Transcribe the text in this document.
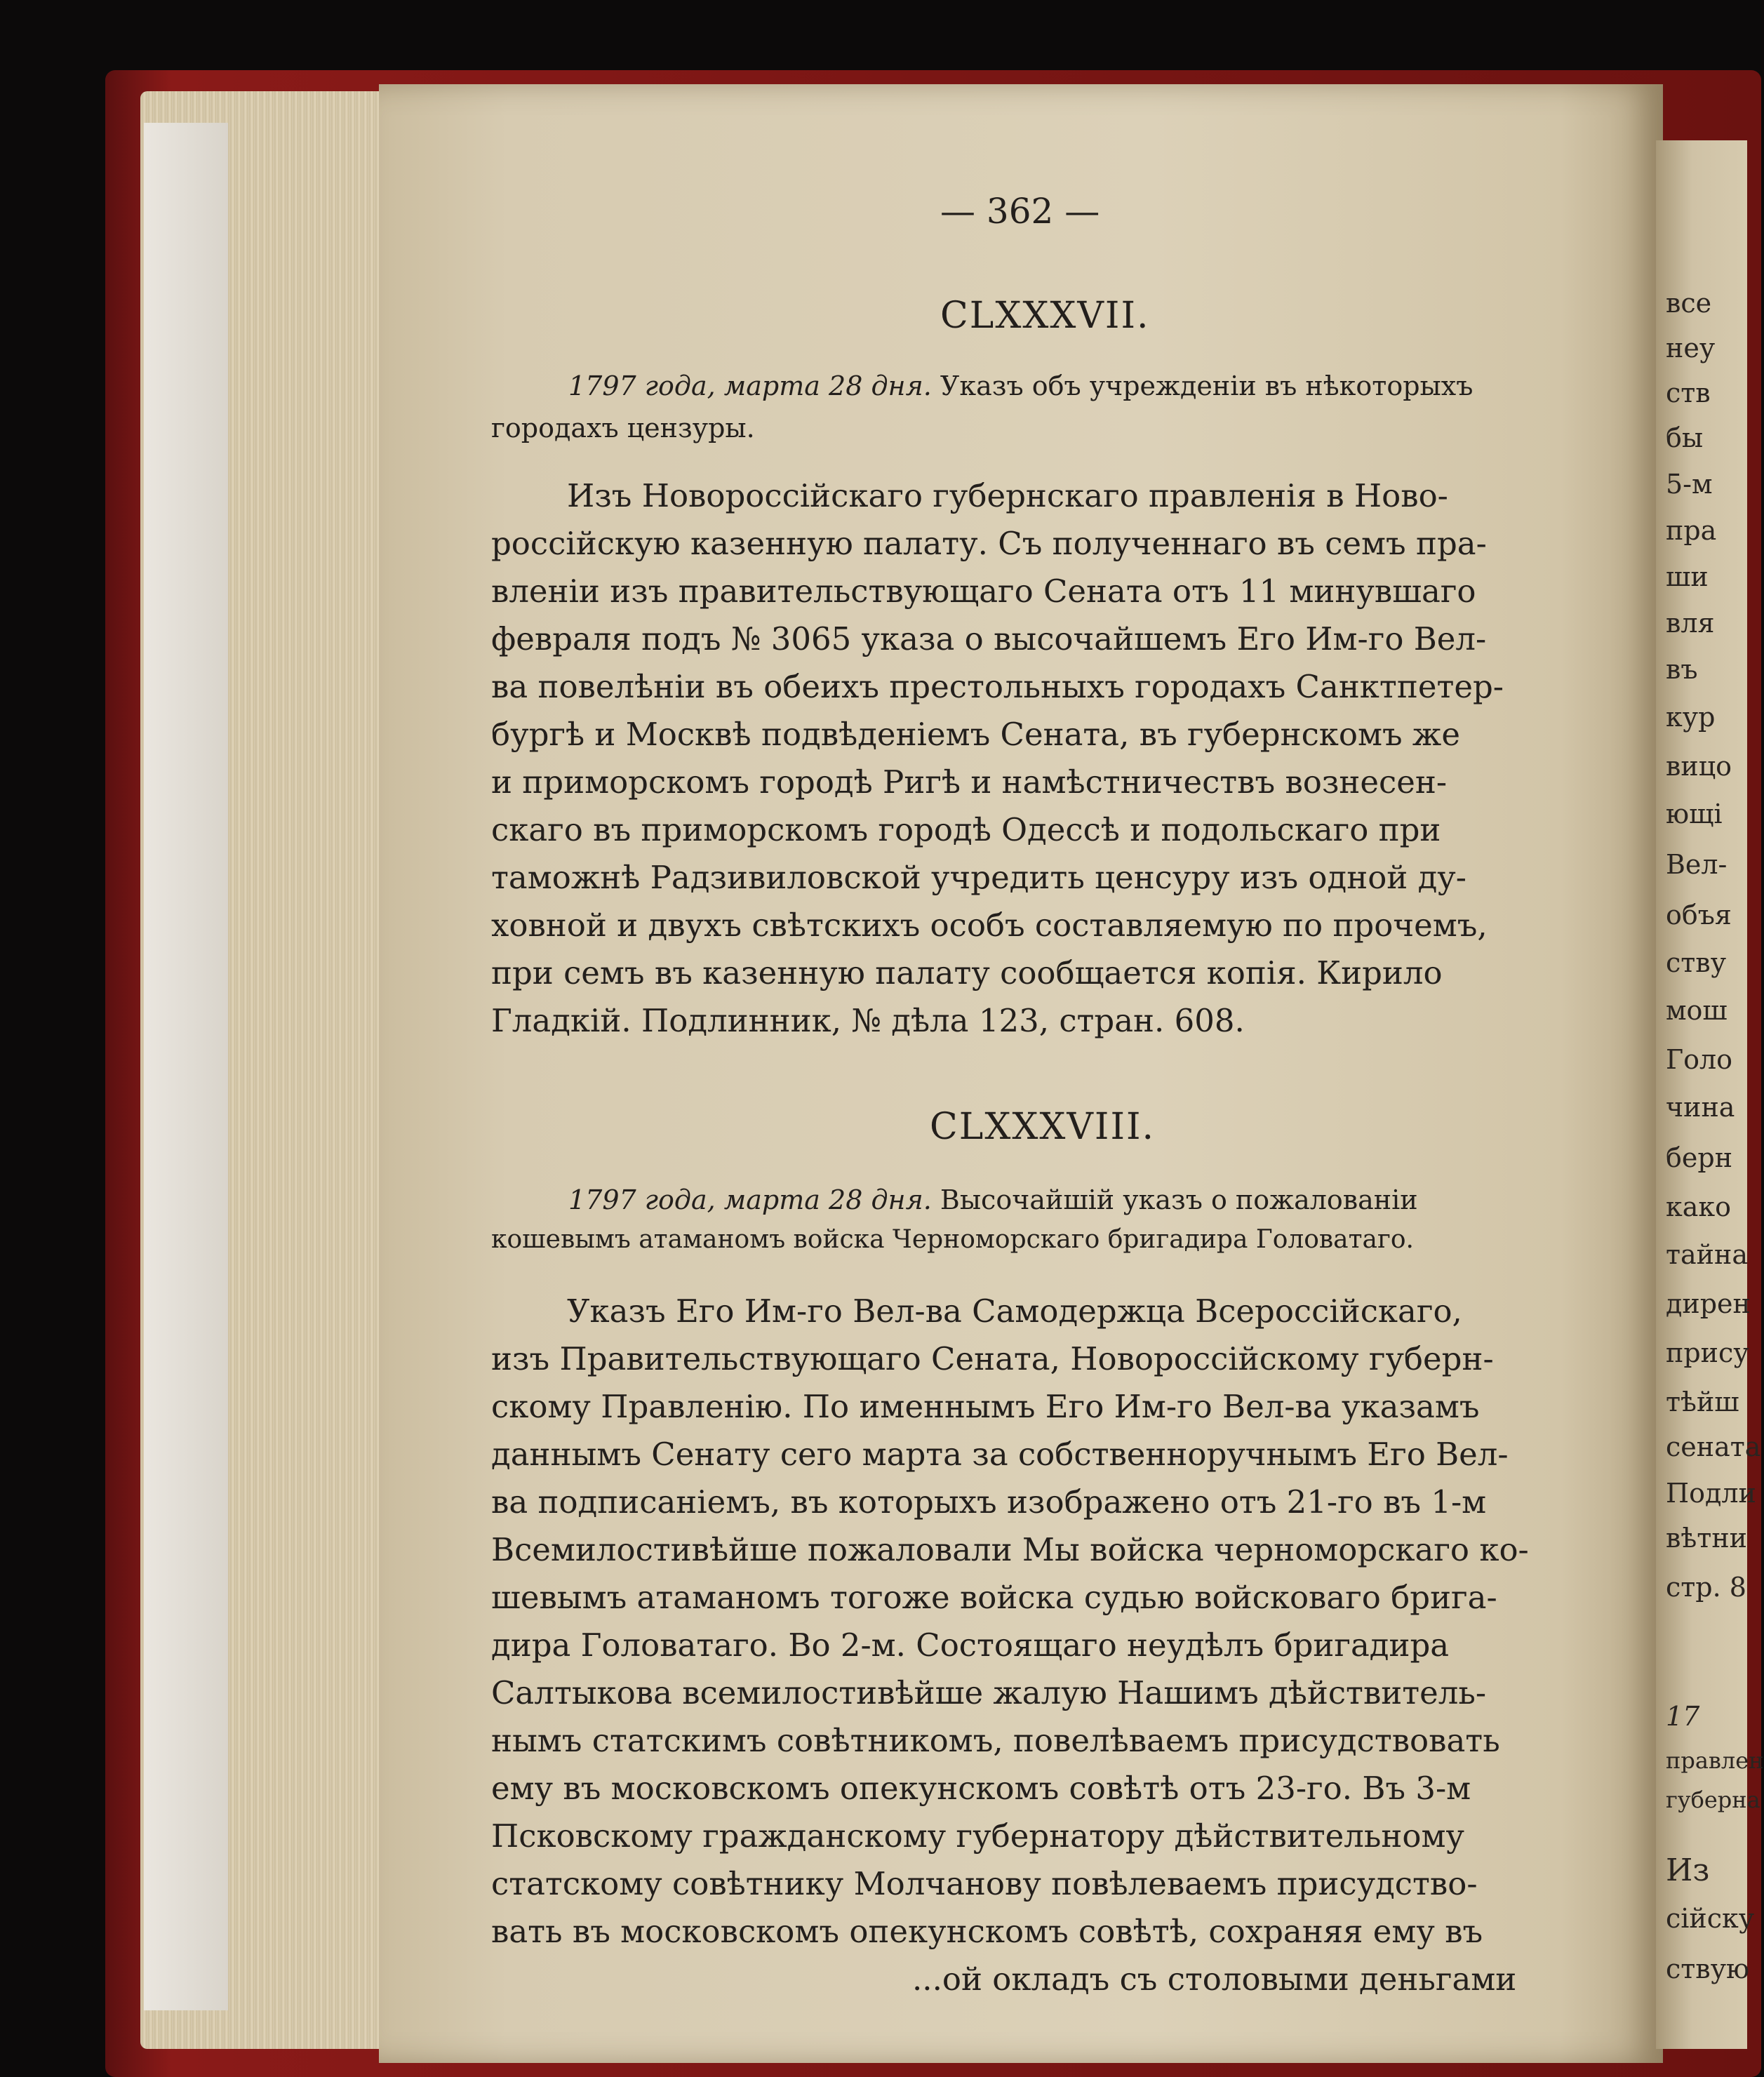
— 362 —
CLXXXVII.
1797 года, марта 28 дня. Указъ объ учрежденіи въ нѣкоторыхъ
городахъ цензуры.
Изъ Новороссійскаго губернскаго правленія в Ново-
россійскую казенную палату. Съ полученнаго въ семъ пра-
вленіи изъ правительствующаго Сената отъ 11 минувшаго
февраля подъ № 3065 указа о высочайшемъ Его Им-го Вел-
ва повелѣніи въ обеихъ престольныхъ городахъ Санктпетер-
бургѣ и Москвѣ подвѣденіемъ Сената, въ губернскомъ же
и приморскомъ городѣ Ригѣ и намѣстничествъ вознесен-
скаго въ приморскомъ городѣ Одессѣ и подольскаго при
таможнѣ Радзивиловской учредить ценсуру изъ одной ду-
ховной и двухъ свѣтскихъ особъ составляемую по прочемъ,
при семъ въ казенную палату сообщается копія. Кирило
Гладкій. Подлинник, № дѣла 123, стран. 608.
CLXXXVIII.
1797 года, марта 28 дня. Высочайшій указъ о пожалованіи
кошевымъ атаманомъ войска Черноморскаго бригадира Головатаго.
Указъ Его Им-го Вел-ва Самодержца Всероссійскаго,
изъ Правительствующаго Сената, Новороссійскому губерн-
скому Правленію. По именнымъ Его Им-го Вел-ва указамъ
даннымъ Сенату сего марта за собственноручнымъ Его Вел-
ва подписаніемъ, въ которыхъ изображено отъ 21-го въ 1-м
Всемилостивѣйше пожаловали Мы войска черноморскаго ко-
шевымъ атаманомъ тогоже войска судью войсковаго брига-
дира Головатаго. Во 2-м. Состоящаго неудѣлъ бригадира
Салтыкова всемилостивѣйше жалую Нашимъ дѣйствитель-
нымъ статскимъ совѣтникомъ, повелѣваемъ присудствовать
ему въ московскомъ опекунскомъ совѣтѣ отъ 23-го. Въ 3-м
Псковскому гражданскому губернатору дѣйствительному
статскому совѣтнику Молчанову повѣлеваемъ присудство-
вать въ московскомъ опекунскомъ совѣтѣ, сохраняя ему въ
...ой окладъ съ столовыми деньгами
все
неу
ств
бы
5-м
пра
ши
вля
въ
кур
вицо
ющі
Вел-
объя
ству
мош
Голо
чина
берн
како
тайна
дирен
прису
тѣйш
сената
Подли
вѣтни
стр. 8
17
правлен
губерна
Из
сійску
ствую
